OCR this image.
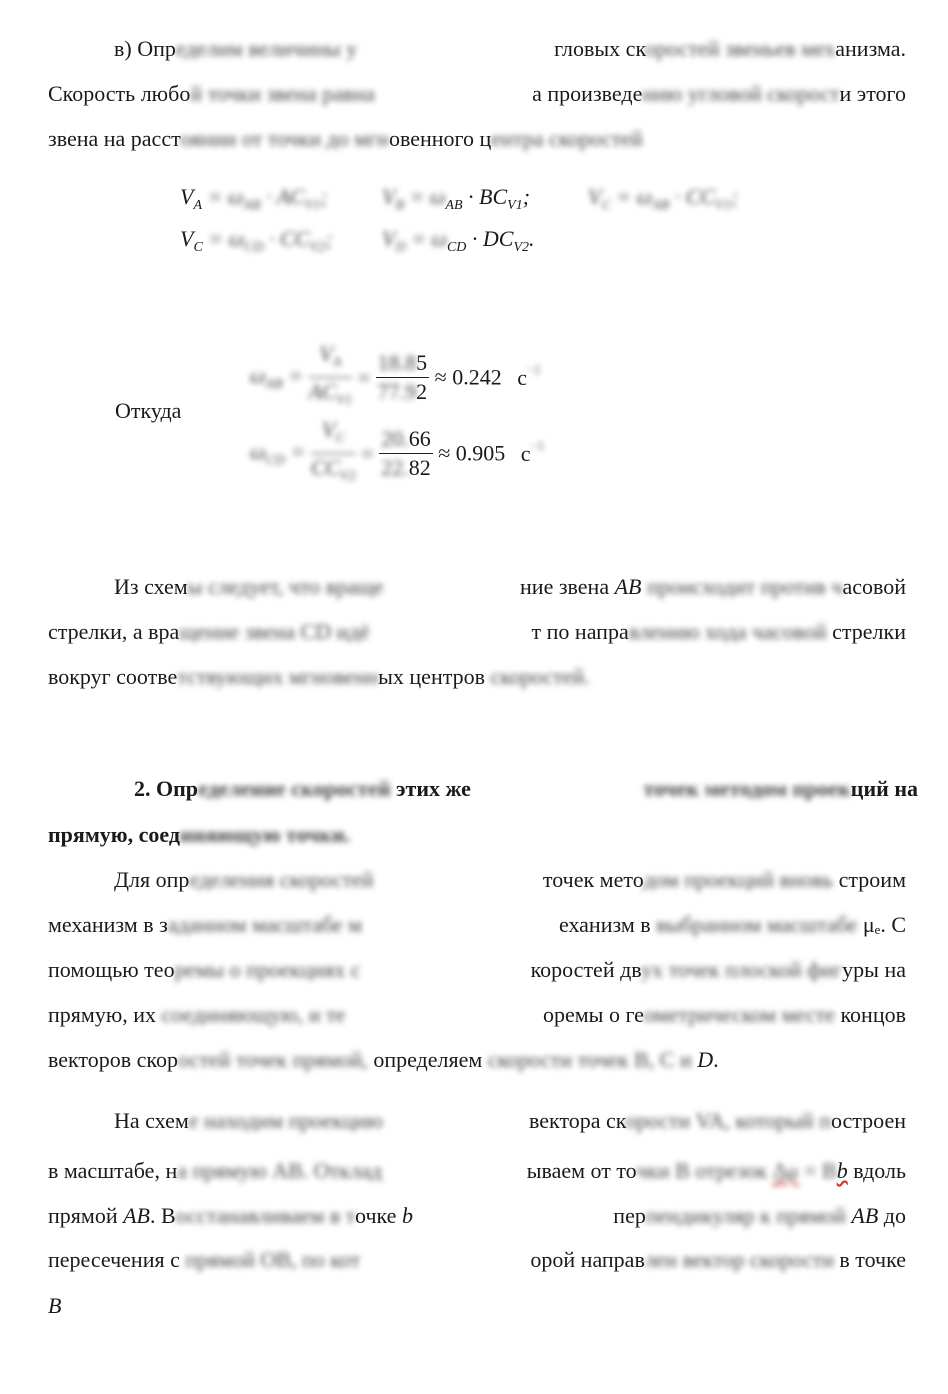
в) Определим величины у	гловых скоростей звеньев механизма.
Скорость любой точки звена равна	а произведению угловой скорости этого
звена на расстоянии от точки до мгновенного центра скоростей
$V_A = \omega_{AB} \cdot AC_{V1}$; $V_B = \omega_{AB} \cdot BC_{V1}$;	$V_C = \omega_{AB} \cdot CC_{V1}$;
$V_C = \omega_{CD} \cdot CC_{V2}$; $V_D = \omega_{CD} \cdot DC_{V2}$.
Откуда
$\omega_{AB} = \frac{V_A}{AC_{V1}} = \frac{18.85}{77.92} \approx 0.242$ $с^{-1}$
$\omega_{CD} = \frac{V_C}{CC_{V2}} = \frac{20.66}{22.82} \approx 0.905$ $с^{-1}$
Из схемы следует, что враще	ние звена AB происходит против часовой
стрелки, а вращение звена CD идё	т по направлению хода часовой стрелки
вокруг соответствующих мгновенных центров скоростей.
2. Определение скоростей этих же	точек методом проекций на
прямую, соединяющую точки.
Для определения скоростей	точек методом проекций вновь строим
механизм в заданном масштабе м	еханизм в выбранном масштабе μₑ. С
помощью теоремы о проекциях с	коростей двух точек плоской фигуры на
прямую, их соединяющую, и те	оремы о геометрическом месте концов
векторов скоростей точек прямой, определяем скорости точек B, C и D.
На схеме находим проекцию	вектора скорости VA, который построен
в масштабе, на прямую AB. Отклад	ываем от точки B отрезок Δμ = Bb вдоль
прямой AB. Восстанавливаем в точке b	перпендикуляр к прямой AB до
пересечения с прямой OB, по кот	орой направлен вектор скорости в точке
B
